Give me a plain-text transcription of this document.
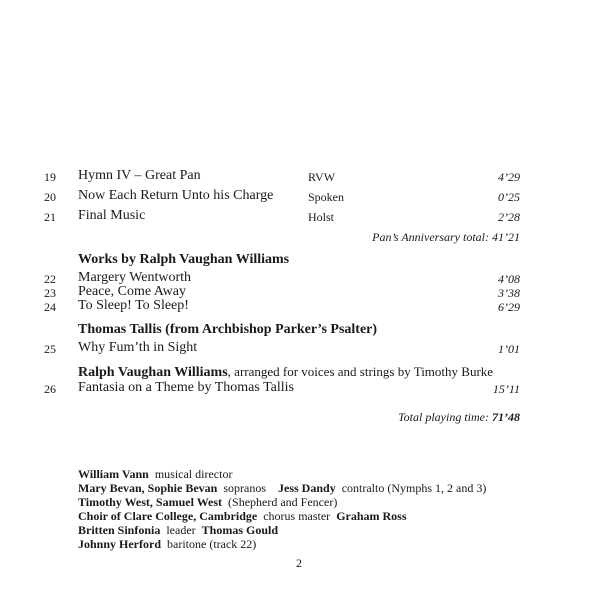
19 Hymn IV – Great Pan	RVW	4’29
20 Now Each Return Unto his Charge	Spoken	0’25
21 Final Music	Holst	2’28
Pan’s Anniversary total: 41’21
Works by Ralph Vaughan Williams
22 Margery Wentworth	4’08
23 Peace, Come Away	3’38
24 To Sleep! To Sleep!	6’29
Thomas Tallis (from Archbishop Parker’s Psalter)
25 Why Fum’th in Sight	1’01
Ralph Vaughan Williams, arranged for voices and strings by Timothy Burke
26 Fantasia on a Theme by Thomas Tallis	15’11
Total playing time: 71’48
William Vann musical director
Mary Bevan, Sophie Bevan sopranos Jess Dandy contralto (Nymphs 1, 2 and 3)
Timothy West, Samuel West (Shepherd and Fencer)
Choir of Clare College, Cambridge chorus master Graham Ross
Britten Sinfonia leader Thomas Gould
Johnny Herford baritone (track 22)
2
